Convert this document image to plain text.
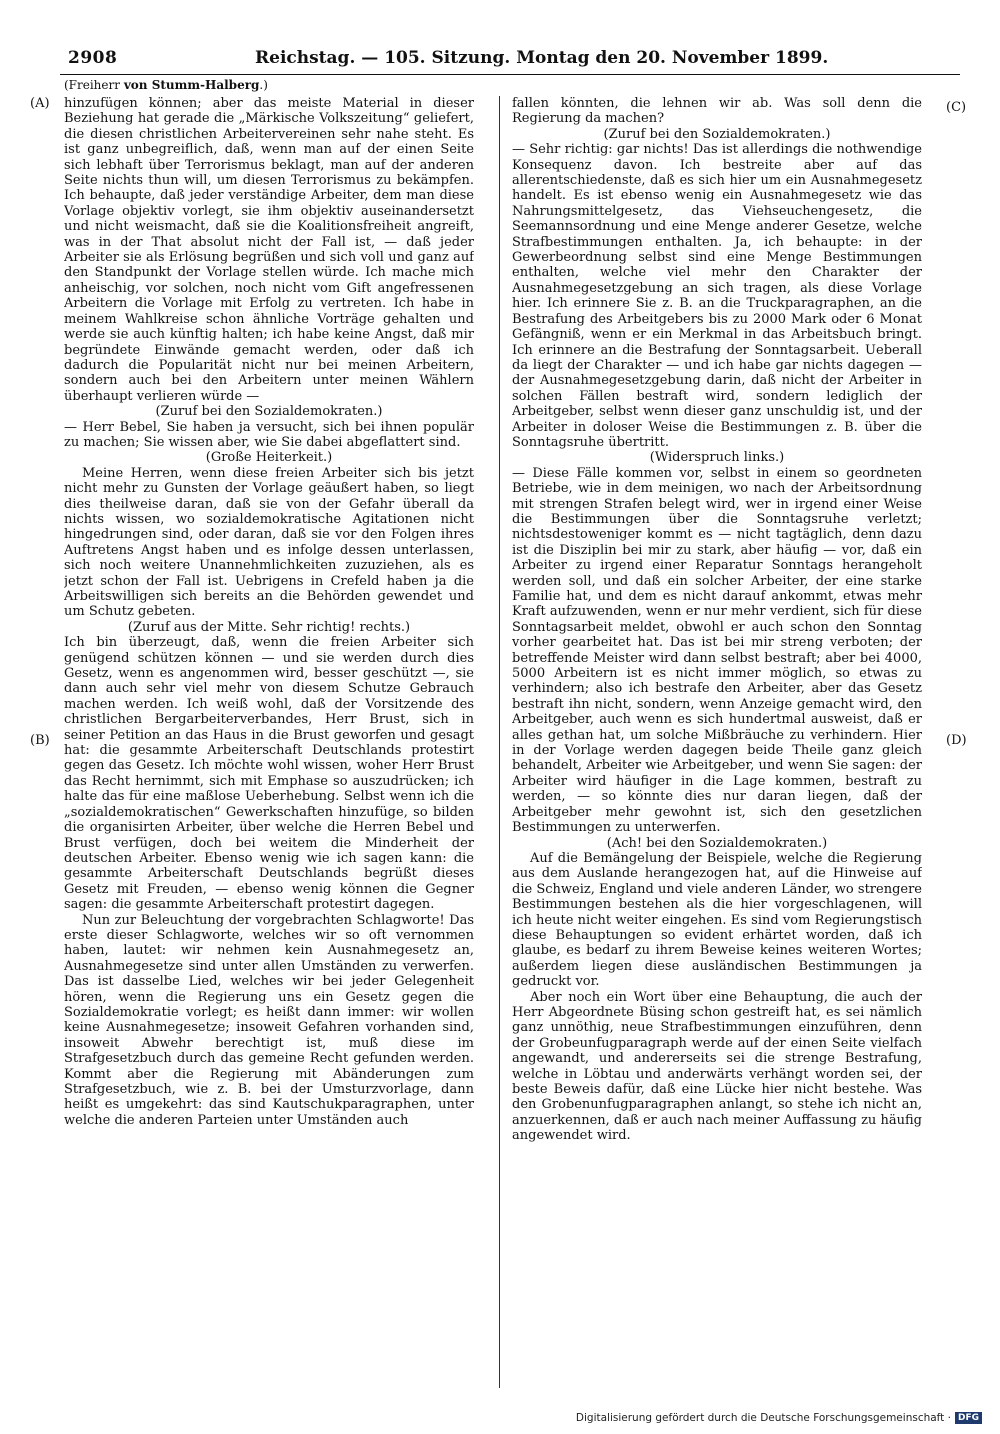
2908	Reichstag. — 105. Sitzung. Montag den 20. November 1899.
(Freiherr von Stumm-Halberg.)
(A)
(B)
(C)
(D)

hinzufügen können; aber das meiste Material in dieser Beziehung hat gerade die „Märkische Volkszeitung“ geliefert, die diesen christlichen Arbeitervereinen sehr nahe steht. Es ist ganz unbegreiflich, daß, wenn man auf der einen Seite sich lebhaft über Terrorismus beklagt, man auf der anderen Seite nichts thun will, um diesen Terrorismus zu bekämpfen. Ich behaupte, daß jeder verständige Arbeiter, dem man diese Vorlage objektiv vorlegt, sie ihm objektiv auseinandersetzt und nicht weismacht, daß sie die Koalitionsfreiheit angreift, was in der That absolut nicht der Fall ist, — daß jeder Arbeiter sie als Erlösung begrüßen und sich voll und ganz auf den Standpunkt der Vorlage stellen würde. Ich mache mich anheischig, vor solchen, noch nicht vom Gift angefressenen Arbeitern die Vorlage mit Erfolg zu vertreten. Ich habe in meinem Wahlkreise schon ähnliche Vorträge gehalten und werde sie auch künftig halten; ich habe keine Angst, daß mir begründete Einwände gemacht werden, oder daß ich dadurch die Popularität nicht nur bei meinen Arbeitern, sondern auch bei den Arbeitern unter meinen Wählern überhaupt verlieren würde —

(Zuruf bei den Sozialdemokraten.)

— Herr Bebel, Sie haben ja versucht, sich bei ihnen populär zu machen; Sie wissen aber, wie Sie dabei abgeflattert sind.

(Große Heiterkeit.)

Meine Herren, wenn diese freien Arbeiter sich bis jetzt nicht mehr zu Gunsten der Vorlage geäußert haben, so liegt dies theilweise daran, daß sie von der Gefahr überall da nichts wissen, wo sozialdemokratische Agitationen nicht hingedrungen sind, oder daran, daß sie vor den Folgen ihres Auftretens Angst haben und es infolge dessen unterlassen, sich noch weitere Unannehmlichkeiten zuzuziehen, als es jetzt schon der Fall ist. Uebrigens in Crefeld haben ja die Arbeitswilligen sich bereits an die Behörden gewendet und um Schutz gebeten.

(Zuruf aus der Mitte. Sehr richtig! rechts.)

Ich bin überzeugt, daß, wenn die freien Arbeiter sich genügend schützen können — und sie werden durch dies Gesetz, wenn es angenommen wird, besser geschützt —, sie dann auch sehr viel mehr von diesem Schutze Gebrauch machen werden. Ich weiß wohl, daß der Vorsitzende des christlichen Bergarbeiterverbandes, Herr Brust, sich in seiner Petition an das Haus in die Brust geworfen und gesagt hat: die gesammte Arbeiterschaft Deutschlands protestirt gegen das Gesetz. Ich möchte wohl wissen, woher Herr Brust das Recht hernimmt, sich mit Emphase so auszudrücken; ich halte das für eine maßlose Ueberhebung. Selbst wenn ich die „sozialdemokratischen“ Gewerkschaften hinzufüge, so bilden die organisirten Arbeiter, über welche die Herren Bebel und Brust verfügen, doch bei weitem die Minderheit der deutschen Arbeiter. Ebenso wenig wie ich sagen kann: die gesammte Arbeiterschaft Deutschlands begrüßt dieses Gesetz mit Freuden, — ebenso wenig können die Gegner sagen: die gesammte Arbeiterschaft protestirt dagegen.

Nun zur Beleuchtung der vorgebrachten Schlagworte! Das erste dieser Schlagworte, welches wir so oft vernommen haben, lautet: wir nehmen kein Ausnahmegesetz an, Ausnahmegesetze sind unter allen Umständen zu verwerfen. Das ist dasselbe Lied, welches wir bei jeder Gelegenheit hören, wenn die Regierung uns ein Gesetz gegen die Sozialdemokratie vorlegt; es heißt dann immer: wir wollen keine Ausnahmegesetze; insoweit Gefahren vorhanden sind, insoweit Abwehr berechtigt ist, muß diese im Strafgesetzbuch durch das gemeine Recht gefunden werden. Kommt aber die Regierung mit Abänderungen zum Strafgesetzbuch, wie z. B. bei der Umsturzvorlage, dann heißt es umgekehrt: das sind Kautschukparagraphen, unter welche die anderen Parteien unter Umständen auch

fallen könnten, die lehnen wir ab. Was soll denn die Regierung da machen?

(Zuruf bei den Sozialdemokraten.)

— Sehr richtig: gar nichts! Das ist allerdings die nothwendige Konsequenz davon. Ich bestreite aber auf das allerentschiedenste, daß es sich hier um ein Ausnahmegesetz handelt. Es ist ebenso wenig ein Ausnahmegesetz wie das Nahrungsmittelgesetz, das Viehseuchengesetz, die Seemannsordnung und eine Menge anderer Gesetze, welche Strafbestimmungen enthalten. Ja, ich behaupte: in der Gewerbeordnung selbst sind eine Menge Bestimmungen enthalten, welche viel mehr den Charakter der Ausnahmegesetzgebung an sich tragen, als diese Vorlage hier. Ich erinnere Sie z. B. an die Truckparagraphen, an die Bestrafung des Arbeitgebers bis zu 2000 Mark oder 6 Monat Gefängniß, wenn er ein Merkmal in das Arbeitsbuch bringt. Ich erinnere an die Bestrafung der Sonntagsarbeit. Ueberall da liegt der Charakter — und ich habe gar nichts dagegen — der Ausnahmegesetzgebung darin, daß nicht der Arbeiter in solchen Fällen bestraft wird, sondern lediglich der Arbeitgeber, selbst wenn dieser ganz unschuldig ist, und der Arbeiter in doloser Weise die Bestimmungen z. B. über die Sonntagsruhe übertritt.

(Widerspruch links.)

— Diese Fälle kommen vor, selbst in einem so geordneten Betriebe, wie in dem meinigen, wo nach der Arbeitsordnung mit strengen Strafen belegt wird, wer in irgend einer Weise die Bestimmungen über die Sonntagsruhe verletzt; nichtsdestoweniger kommt es — nicht tagtäglich, denn dazu ist die Disziplin bei mir zu stark, aber häufig — vor, daß ein Arbeiter zu irgend einer Reparatur Sonntags herangeholt werden soll, und daß ein solcher Arbeiter, der eine starke Familie hat, und dem es nicht darauf ankommt, etwas mehr Kraft aufzuwenden, wenn er nur mehr verdient, sich für diese Sonntagsarbeit meldet, obwohl er auch schon den Sonntag vorher gearbeitet hat. Das ist bei mir streng verboten; der betreffende Meister wird dann selbst bestraft; aber bei 4000, 5000 Arbeitern ist es nicht immer möglich, so etwas zu verhindern; also ich bestrafe den Arbeiter, aber das Gesetz bestraft ihn nicht, sondern, wenn Anzeige gemacht wird, den Arbeitgeber, auch wenn es sich hundertmal ausweist, daß er alles gethan hat, um solche Mißbräuche zu verhindern. Hier in der Vorlage werden dagegen beide Theile ganz gleich behandelt, Arbeiter wie Arbeitgeber, und wenn Sie sagen: der Arbeiter wird häufiger in die Lage kommen, bestraft zu werden, — so könnte dies nur daran liegen, daß der Arbeitgeber mehr gewohnt ist, sich den gesetzlichen Bestimmungen zu unterwerfen.

(Ach! bei den Sozialdemokraten.)

Auf die Bemängelung der Beispiele, welche die Regierung aus dem Auslande herangezogen hat, auf die Hinweise auf die Schweiz, England und viele anderen Länder, wo strengere Bestimmungen bestehen als die hier vorgeschlagenen, will ich heute nicht weiter eingehen. Es sind vom Regierungstisch diese Behauptungen so evident erhärtet worden, daß ich glaube, es bedarf zu ihrem Beweise keines weiteren Wortes; außerdem liegen diese ausländischen Bestimmungen ja gedruckt vor.

Aber noch ein Wort über eine Behauptung, die auch der Herr Abgeordnete Büsing schon gestreift hat, es sei nämlich ganz unnöthig, neue Strafbestimmungen einzuführen, denn der Grobeunfugparagraph werde auf der einen Seite vielfach angewandt, und andererseits sei die strenge Bestrafung, welche in Löbtau und anderwärts verhängt worden sei, der beste Beweis dafür, daß eine Lücke hier nicht bestehe. Was den Grobenunfugparagraphen anlangt, so stehe ich nicht an, anzuerkennen, daß er auch nach meiner Auffassung zu häufig angewendet wird.

Digitalisierung gefördert durch die Deutsche Forschungsgemeinschaft · DFG
